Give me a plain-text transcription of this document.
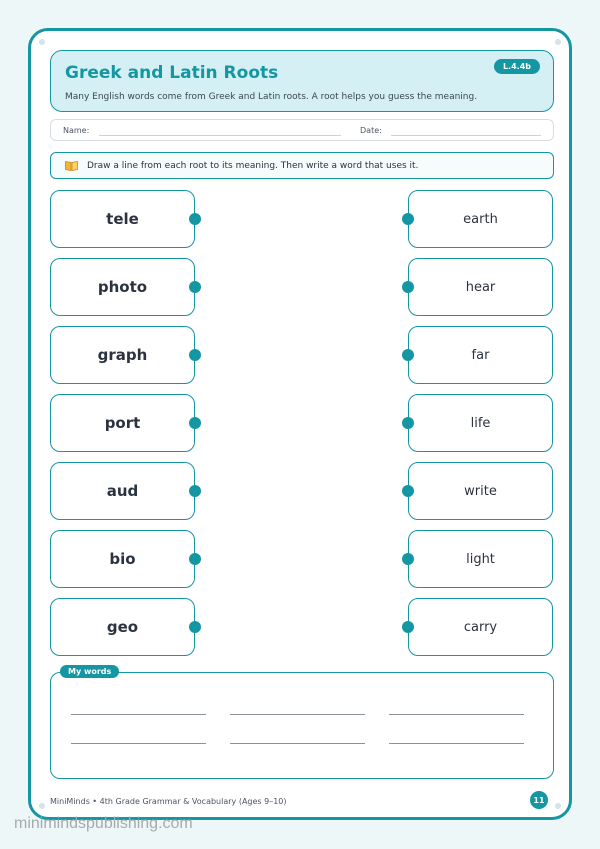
Greek and Latin Roots	L.4.4b
Many English words come from Greek and Latin roots. A root helps you guess the meaning.
Name:	Date:
Draw a line from each root to its meaning. Then write a word that uses it.
tele
photo
graph
port
aud
bio
geo
earth
hear
far
life
write
light
carry
My words
MiniMinds • 4th Grade Grammar & Vocabulary (Ages 9–10)	11
minimindspublishing.com
